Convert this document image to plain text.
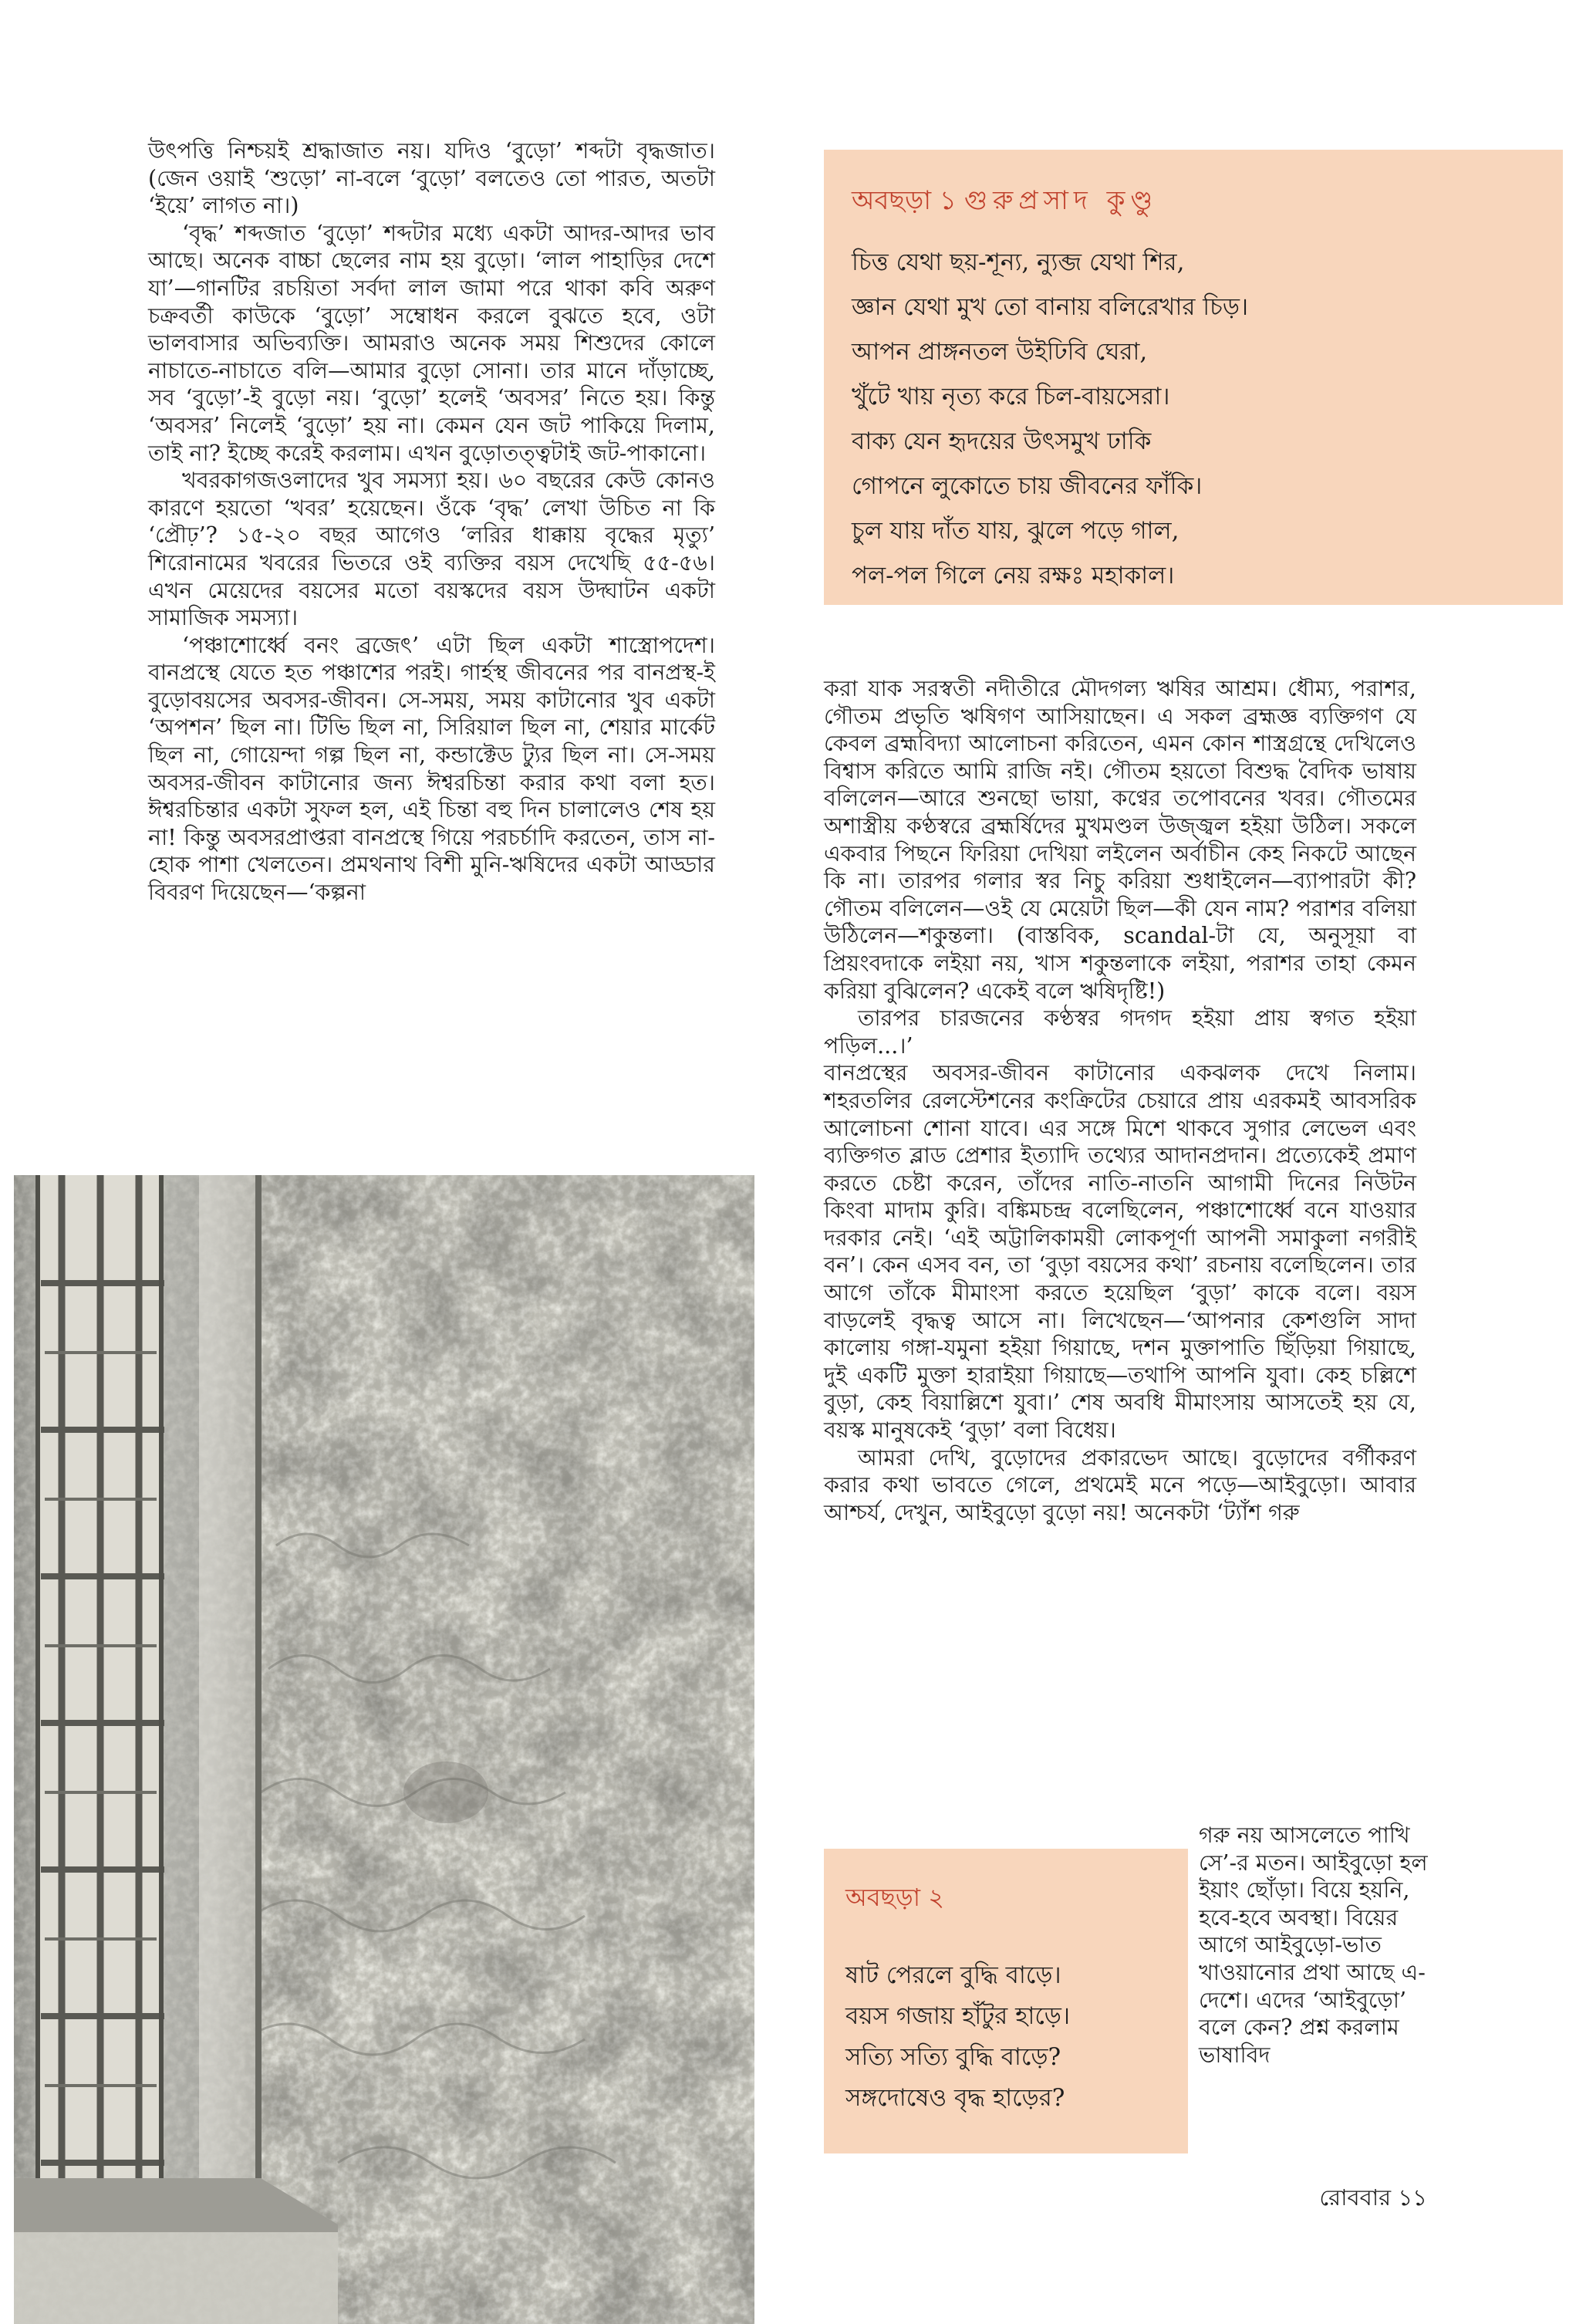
উৎপত্তি নিশ্চয়ই শ্রদ্ধাজাত নয়। যদিও ‘বুড়ো’ শব্দটা বৃদ্ধজাত। (জেন ওয়াই ‘শুড়ো’ না-বলে ‘বুড়ো’ বলতেও তো পারত, অতটা ‘ইয়ে’ লাগত না।)

‘বৃদ্ধ’ শব্দজাত ‘বুড়ো’ শব্দটার মধ্যে একটা আদর-আদর ভাব আছে। অনেক বাচ্চা ছেলের নাম হয় বুড়ো। ‘লাল পাহাড়ির দেশে যা’—গানটির রচয়িতা সর্বদা লাল জামা পরে থাকা কবি অরুণ চক্রবর্তী কাউকে ‘বুড়ো’ সম্বোধন করলে বুঝতে হবে, ওটা ভালবাসার অভিব্যক্তি। আমরাও অনেক সময় শিশুদের কোলে নাচাতে-নাচাতে বলি—আমার বুড়ো সোনা। তার মানে দাঁড়াচ্ছে, সব ‘বুড়ো’-ই বুড়ো নয়। ‘বুড়ো’ হলেই ‘অবসর’ নিতে হয়। কিন্তু ‘অবসর’ নিলেই ‘বুড়ো’ হয় না। কেমন যেন জট পাকিয়ে দিলাম, তাই না? ইচ্ছে করেই করলাম। এখন বুড়োতত্ত্বটাই জট-পাকানো।

খবরকাগজওলাদের খুব সমস্যা হয়। ৬০ বছরের কেউ কোনও কারণে হয়তো ‘খবর’ হয়েছেন। ওঁকে ‘বৃদ্ধ’ লেখা উচিত না কি ‘প্রৌঢ়’? ১৫-২০ বছর আগেও ‘লরির ধাক্কায় বৃদ্ধের মৃত্যু’ শিরোনামের খবরের ভিতরে ওই ব্যক্তির বয়স দেখেছি ৫৫-৫৬। এখন মেয়েদের বয়সের মতো বয়স্কদের বয়স উদ্ঘাটন একটা সামাজিক সমস্যা।

‘পঞ্চাশোর্ধ্বে বনং ব্রজেৎ’ এটা ছিল একটা শাস্ত্রোপদেশ। বানপ্রস্থে যেতে হত পঞ্চাশের পরই। গার্হস্থ জীবনের পর বানপ্রস্থ-ই বুড়োবয়সের অবসর-জীবন। সে-সময়, সময় কাটানোর খুব একটা ‘অপশন’ ছিল না। টিভি ছিল না, সিরিয়াল ছিল না, শেয়ার মার্কেট ছিল না, গোয়েন্দা গল্প ছিল না, কন্ডাক্টেড ট্যুর ছিল না। সে-সময় অবসর-জীবন কাটানোর জন্য ঈশ্বরচিন্তা করার কথা বলা হত। ঈশ্বরচিন্তার একটা সুফল হল, এই চিন্তা বহু দিন চালালেও শেষ হয় না! কিন্তু অবসরপ্রাপ্তরা বানপ্রস্থে গিয়ে পরচর্চাদি করতেন, তাস না-হোক পাশা খেলতেন। প্রমথনাথ বিশী মুনি-ঋষিদের একটা আড্ডার বিবরণ দিয়েছেন—‘কল্পনা

অবছড়া ১ গুরুপ্রসাদ কুণ্ডু
চিত্ত যেথা ছয়-শূন্য, ন্যুব্জ যেথা শির,
জ্ঞান যেথা মুখ তো বানায় বলিরেখার চিড়।
আপন প্রাঙ্গনতল উইঢিবি ঘেরা,
খুঁটে খায় নৃত্য করে চিল-বায়সেরা।
বাক্য যেন হৃদয়ের উৎসমুখ ঢাকি
গোপনে লুকোতে চায় জীবনের ফাঁকি।
চুল যায় দাঁত যায়, ঝুলে পড়ে গাল,
পল-পল গিলে নেয় রক্ষঃ মহাকাল।

করা যাক সরস্বতী নদীতীরে মৌদগল্য ঋষির আশ্রম। ধৌম্য, পরাশর, গৌতম প্রভৃতি ঋষিগণ আসিয়াছেন। এ সকল ব্রহ্মজ্ঞ ব্যক্তিগণ যে কেবল ব্রহ্মবিদ্যা আলোচনা করিতেন, এমন কোন শাস্ত্রগ্রন্থে দেখিলেও বিশ্বাস করিতে আমি রাজি নই। গৌতম হয়তো বিশুদ্ধ বৈদিক ভাষায় বলিলেন—আরে শুনছো ভায়া, কণ্বের তপোবনের খবর। গৌতমের অশাস্ত্রীয় কণ্ঠস্বরে ব্রহ্মর্ষিদের মুখমণ্ডল উজ্জ্বল হইয়া উঠিল। সকলে একবার পিছনে ফিরিয়া দেখিয়া লইলেন অর্বাচীন কেহ নিকটে আছেন কি না। তারপর গলার স্বর নিচু করিয়া শুধাইলেন—ব্যাপারটা কী? গৌতম বলিলেন—ওই যে মেয়েটা ছিল—কী যেন নাম? পরাশর বলিয়া উঠিলেন—শকুন্তলা। (বাস্তবিক, scandal-টা যে, অনুসূয়া বা প্রিয়ংবদাকে লইয়া নয়, খাস শকুন্তলাকে লইয়া, পরাশর তাহা কেমন করিয়া বুঝিলেন? একেই বলে ঋষিদৃষ্টি!)

তারপর চারজনের কণ্ঠস্বর গদগদ হইয়া প্রায় স্বগত হইয়া পড়িল...।’

বানপ্রস্থের অবসর-জীবন কাটানোর একঝলক দেখে নিলাম। শহরতলির রেলস্টেশনের কংক্রিটের চেয়ারে প্রায় এরকমই আবসরিক আলোচনা শোনা যাবে। এর সঙ্গে মিশে থাকবে সুগার লেভেল এবং ব্যক্তিগত ব্লাড প্রেশার ইত্যাদি তথ্যের আদানপ্রদান। প্রত্যেকেই প্রমাণ করতে চেষ্টা করেন, তাঁদের নাতি-নাতনি আগামী দিনের নিউটন কিংবা মাদাম কুরি। বঙ্কিমচন্দ্র বলেছিলেন, পঞ্চাশোর্ধ্বে বনে যাওয়ার দরকার নেই। ‘এই অট্টালিকাময়ী লোকপূর্ণা আপনী সমাকুলা নগরীই বন’। কেন এসব বন, তা ‘বুড়া বয়সের কথা’ রচনায় বলেছিলেন। তার আগে তাঁকে মীমাংসা করতে হয়েছিল ‘বুড়া’ কাকে বলে। বয়স বাড়লেই বৃদ্ধত্ব আসে না। লিখেছেন—‘আপনার কেশগুলি সাদা কালোয় গঙ্গা-যমুনা হইয়া গিয়াছে, দশন মুক্তাপাতি ছিঁড়িয়া গিয়াছে, দুই একটি মুক্তা হারাইয়া গিয়াছে—তথাপি আপনি যুবা। কেহ চল্লিশে বুড়া, কেহ বিয়াল্লিশে যুবা।’ শেষ অবধি মীমাংসায় আসতেই হয় যে, বয়স্ক মানুষকেই ‘বুড়া’ বলা বিধেয়।

আমরা দেখি, বুড়োদের প্রকারভেদ আছে। বুড়োদের বর্গীকরণ করার কথা ভাবতে গেলে, প্রথমেই মনে পড়ে—আইবুড়ো। আবার আশ্চর্য, দেখুন, আইবুড়ো বুড়ো নয়! অনেকটা ‘ট্যাঁশ গরু

অবছড়া ২
ষাট পেরলে বুদ্ধি বাড়ে।
বয়স গজায় হাঁটুর হাড়ে।
সত্যি সত্যি বুদ্ধি বাড়ে?
সঙ্গদোষেও বৃদ্ধ হাড়ের?

গরু নয় আসলেতে পাখি সে’-র মতন। আইবুড়ো হল ইয়াং ছোঁড়া। বিয়ে হয়নি, হবে-হবে অবস্থা। বিয়ের আগে আইবুড়ো-ভাত খাওয়ানোর প্রথা আছে এ-দেশে। এদের ‘আইবুড়ো’ বলে কেন? প্রশ্ন করলাম ভাষাবিদ

রোববার ১১
